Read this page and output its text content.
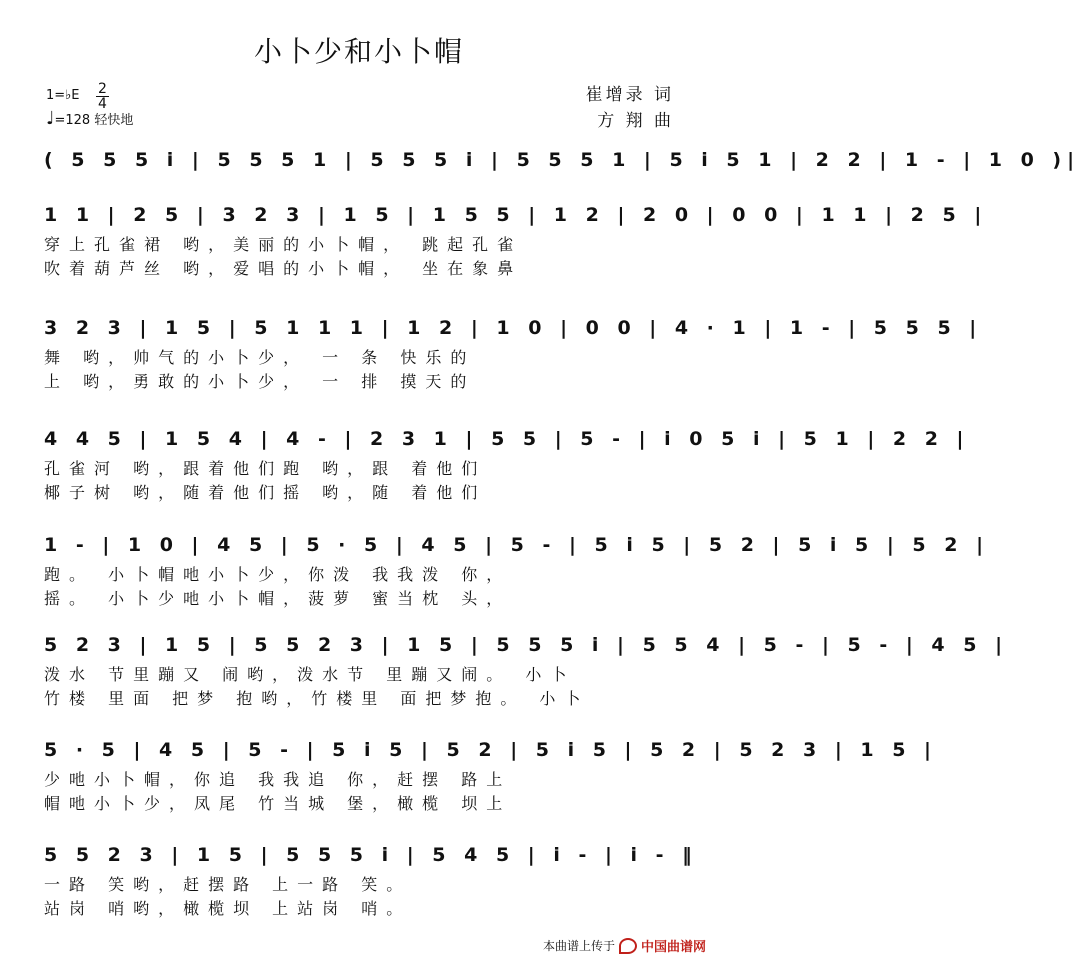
小卜少和小卜帽
1=♭E 2
4
♩=128 轻快地
崔增录 词
方 翔 曲
( 5 5 5 i | 5 5 5 1 | 5 5 5 i | 5 5 5 1 | 5 i 5 1 | 2 2 | 1 - | 1 0 )|
1 1 | 2 5 | 3 2 3 | 1 5 | 1 5 5 | 1 2 | 2 0 | 0 0 | 1 1 | 2 5 |
穿上孔雀裙 哟，美丽的小卜帽， 跳起孔雀
吹着葫芦丝 哟，爱唱的小卜帽， 坐在象鼻
3 2 3 | 1 5 | 5 1 1 1 | 1 2 | 1 0 | 0 0 | 4 · 1 | 1 - | 5 5 5 |
舞 哟，帅气的小卜少， 一 条 快乐的
上 哟，勇敢的小卜少， 一 排 摸天的
4 4 5 | 1 5 4 | 4 - | 2 3 1 | 5 5 | 5 - | i 0 5 i | 5 1 | 2 2 |
孔雀河 哟，跟着他们跑 哟，跟 着他们
椰子树 哟，随着他们摇 哟，随 着他们
1 - | 1 0 | 4 5 | 5 · 5 | 4 5 | 5 - | 5 i 5 | 5 2 | 5 i 5 | 5 2 |
跑。 小卜帽吔小卜少，你泼 我我泼 你，
摇。 小卜少吔小卜帽，菠萝 蜜当枕 头，
5 2 3 | 1 5 | 5 5 2 3 | 1 5 | 5 5 5 i | 5 5 4 | 5 - | 5 - | 4 5 |
泼水 节里蹦又 闹哟，泼水节 里蹦又闹。 小卜
竹楼 里面 把梦 抱哟，竹楼里 面把梦抱。 小卜
5 · 5 | 4 5 | 5 - | 5 i 5 | 5 2 | 5 i 5 | 5 2 | 5 2 3 | 1 5 |
少吔小卜帽，你追 我我追 你，赶摆 路上
帽吔小卜少，凤尾 竹当城 堡，橄榄 坝上
5 5 2 3 | 1 5 | 5 5 5 i | 5 4 5 | i - | i - ‖
一路 笑哟，赶摆路 上一路 笑。
站岗 哨哟，橄榄坝 上站岗 哨。
本曲谱上传于 中国曲谱网
